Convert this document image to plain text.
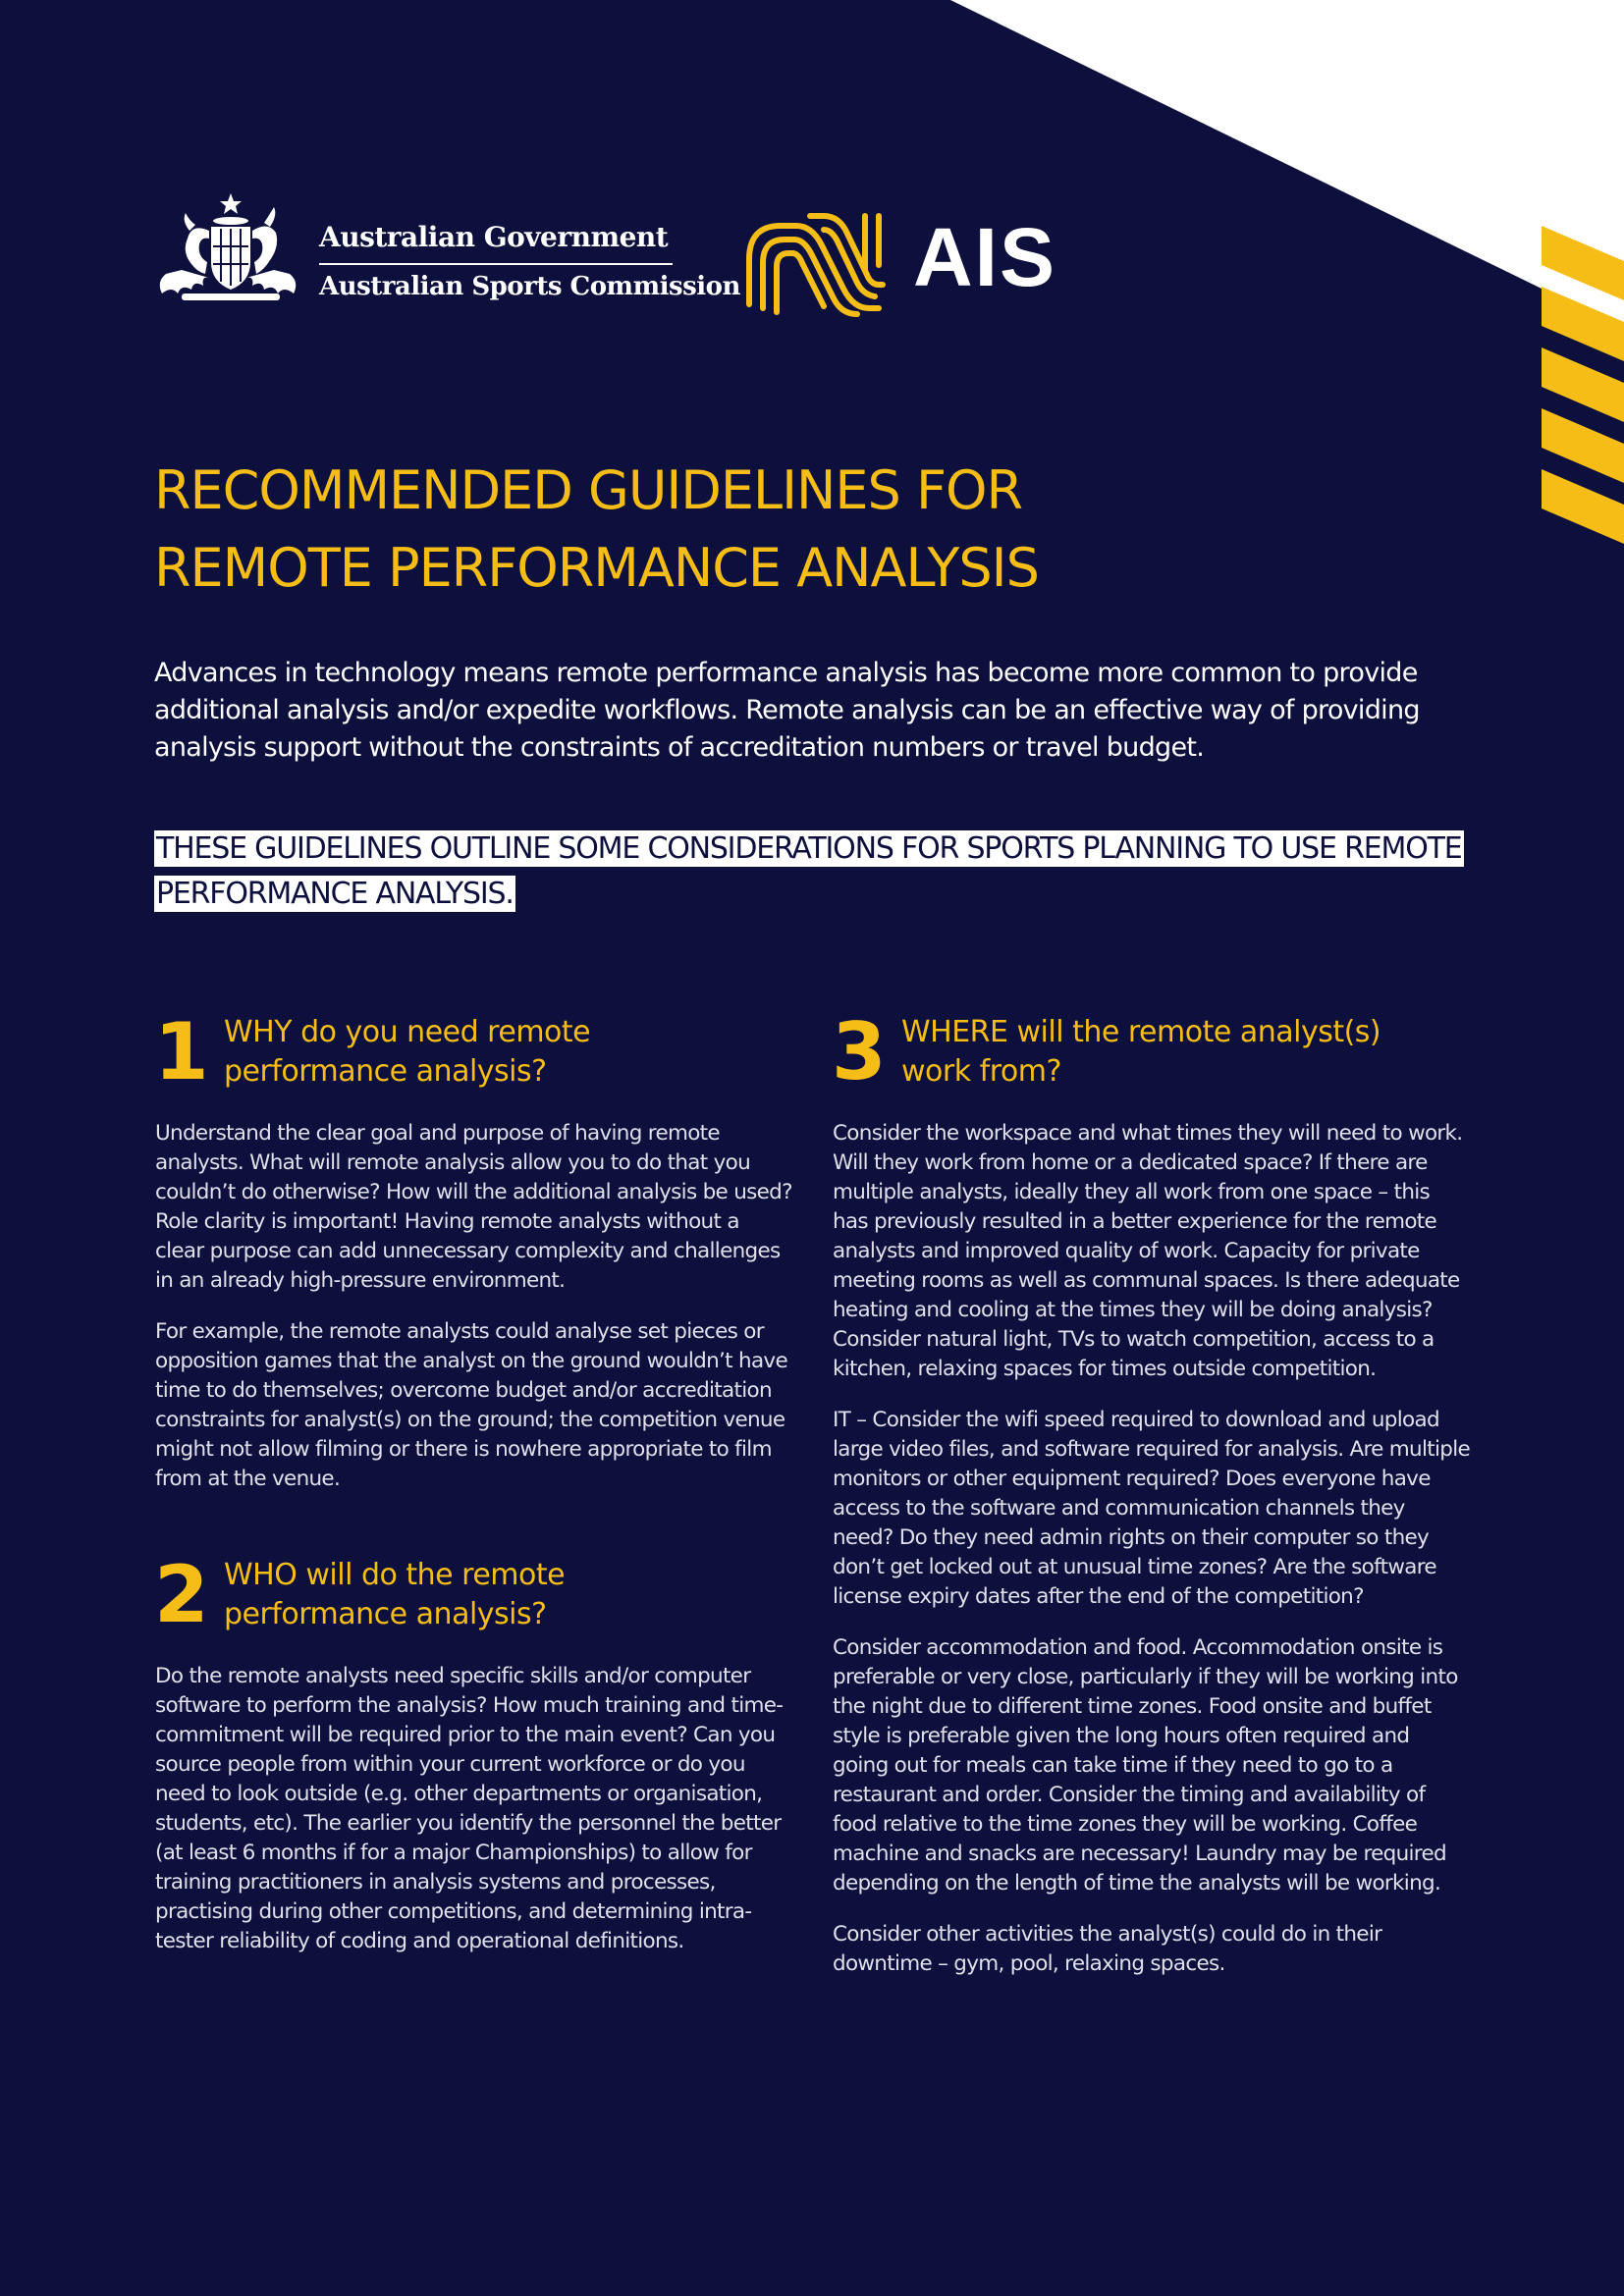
Australian Government
Australian Sports Commission AIS
RECOMMENDED GUIDELINES FOR
REMOTE PERFORMANCE ANALYSIS

Advances in technology means remote performance analysis has become more common to provide additional analysis and/or expedite workflows. Remote analysis can be an effective way of providing analysis support without the constraints of accreditation numbers or travel budget.

THESE GUIDELINES OUTLINE SOME CONSIDERATIONS FOR SPORTS PLANNING TO USE REMOTE PERFORMANCE ANALYSIS.

1 WHY do you need remote performance analysis?

Understand the clear goal and purpose of having remote analysts. What will remote analysis allow you to do that you couldn’t do otherwise? How will the additional analysis be used? Role clarity is important! Having remote analysts without a clear purpose can add unnecessary complexity and challenges in an already high-pressure environment.

For example, the remote analysts could analyse set pieces or opposition games that the analyst on the ground wouldn’t have time to do themselves; overcome budget and/or accreditation constraints for analyst(s) on the ground; the competition venue might not allow filming or there is nowhere appropriate to film from at the venue.

2 WHO will do the remote performance analysis?

Do the remote analysts need specific skills and/or computer software to perform the analysis? How much training and time-commitment will be required prior to the main event? Can you source people from within your current workforce or do you need to look outside (e.g. other departments or organisation, students, etc). The earlier you identify the personnel the better (at least 6 months if for a major Championships) to allow for training practitioners in analysis systems and processes, practising during other competitions, and determining intra-tester reliability of coding and operational definitions.

3 WHERE will the remote analyst(s) work from?

Consider the workspace and what times they will need to work. Will they work from home or a dedicated space? If there are multiple analysts, ideally they all work from one space – this has previously resulted in a better experience for the remote analysts and improved quality of work. Capacity for private meeting rooms as well as communal spaces. Is there adequate heating and cooling at the times they will be doing analysis? Consider natural light, TVs to watch competition, access to a kitchen, relaxing spaces for times outside competition.

IT – Consider the wifi speed required to download and upload large video files, and software required for analysis. Are multiple monitors or other equipment required? Does everyone have access to the software and communication channels they need? Do they need admin rights on their computer so they don’t get locked out at unusual time zones? Are the software license expiry dates after the end of the competition?

Consider accommodation and food. Accommodation onsite is preferable or very close, particularly if they will be working into the night due to different time zones. Food onsite and buffet style is preferable given the long hours often required and going out for meals can take time if they need to go to a restaurant and order. Consider the timing and availability of food relative to the time zones they will be working. Coffee machine and snacks are necessary! Laundry may be required depending on the length of time the analysts will be working.

Consider other activities the analyst(s) could do in their downtime – gym, pool, relaxing spaces.
